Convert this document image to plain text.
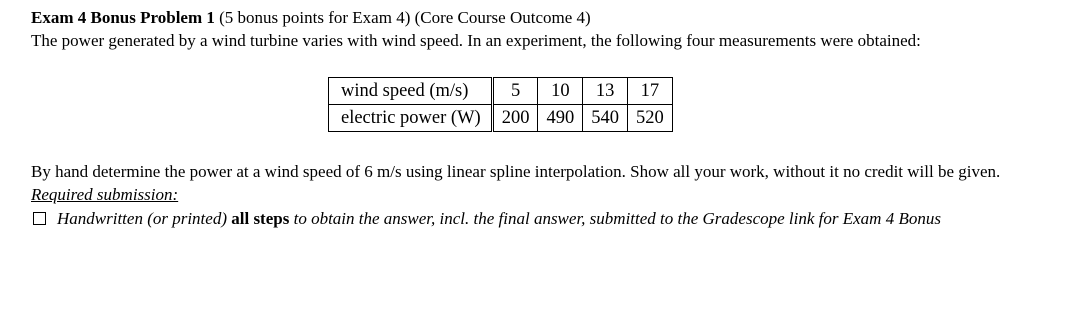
Exam 4 Bonus Problem 1 (5 bonus points for Exam 4) (Core Course Outcome 4)
The power generated by a wind turbine varies with wind speed. In an experiment, the following four measurements were obtained:
wind speed (m/s)	5	10	13	17
electric power (W)	200	490	540	520
By hand determine the power at a wind speed of 6 m/s using linear spline interpolation. Show all your work, without it no credit will be given.
Required submission:
Handwritten (or printed) all steps to obtain the answer, incl. the final answer, submitted to the Gradescope link for Exam 4 Bonus
